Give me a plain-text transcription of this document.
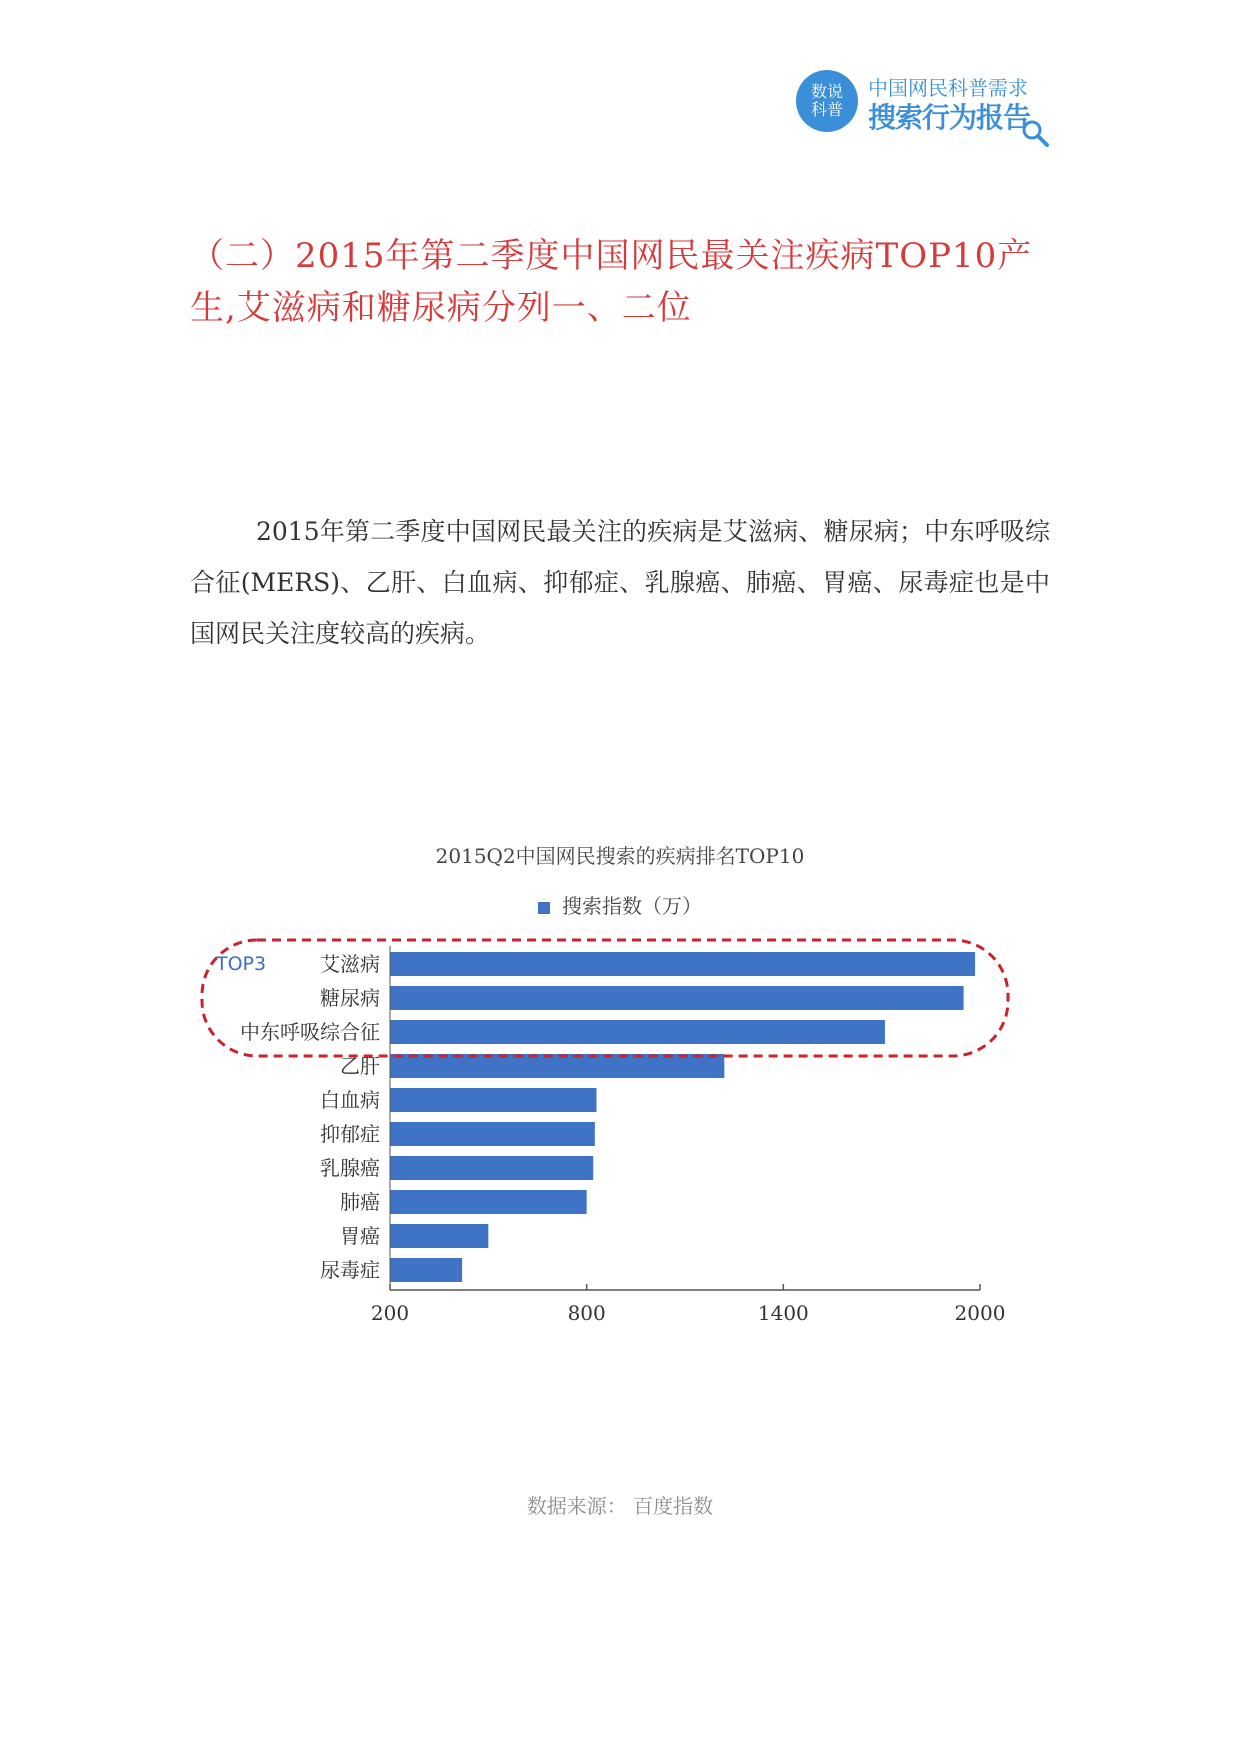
数说
科普
中国网民科普需求
搜索行为报告
（二）2015年第二季度中国网民最关注疾病TOP10产生,艾滋病和糖尿病分列一、二位
2015年第二季度中国网民最关注的疾病是艾滋病、糖尿病；中东呼吸综合征(MERS)、乙肝、白血病、抑郁症、乳腺癌、肺癌、胃癌、尿毒症也是中国网民关注度较高的疾病。
2015Q2中国网民搜索的疾病排名TOP10
搜索指数（万）
艾滋病
糖尿病
中东呼吸综合征
乙肝
白血病
抑郁症
乳腺癌
肺癌
胃癌
尿毒症
200	800	1400	2000
TOP3
数据来源： 百度指数
